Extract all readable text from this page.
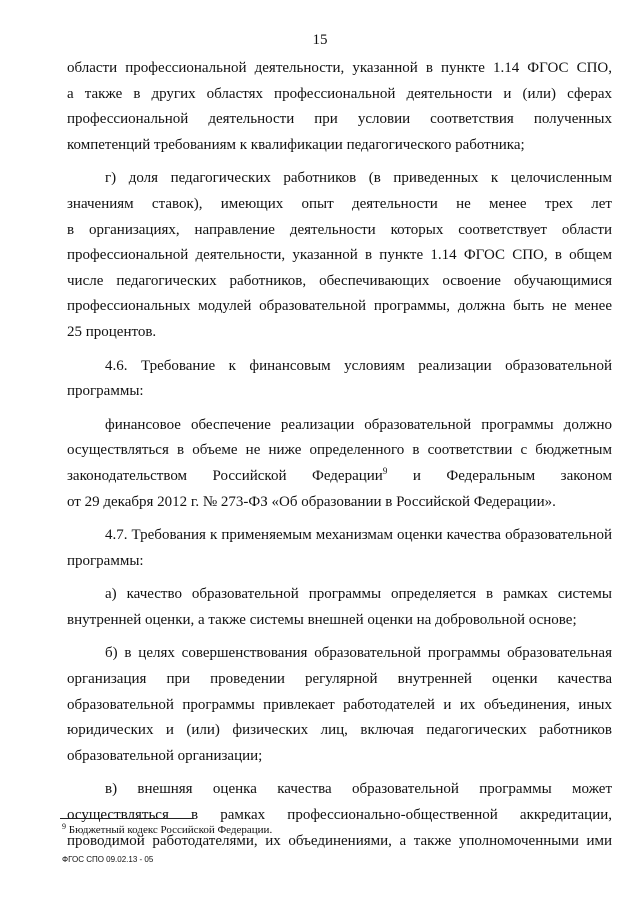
15
области профессиональной деятельности, указанной в пункте 1.14 ФГОС СПО,
а также в других областях профессиональной деятельности и (или) сферах
профессиональной деятельности при условии соответствия полученных
компетенций требованиям к квалификации педагогического работника;
г) доля педагогических работников (в приведенных к целочисленным
значениям ставок), имеющих опыт деятельности не менее трех лет
в организациях, направление деятельности которых соответствует области
профессиональной деятельности, указанной в пункте 1.14 ФГОС СПО, в общем
числе педагогических работников, обеспечивающих освоение обучающимися
профессиональных модулей образовательной программы, должна быть не менее
25 процентов.
4.6. Требование к финансовым условиям реализации образовательной
программы:
финансовое обеспечение реализации образовательной программы должно
осуществляться в объеме не ниже определенного в соответствии с бюджетным
законодательством Российской Федерации$^9$ и Федеральным законом
от 29 декабря 2012 г. № 273-ФЗ «Об образовании в Российской Федерации».
4.7. Требования к применяемым механизмам оценки качества образовательной
программы:
а) качество образовательной программы определяется в рамках системы
внутренней оценки, а также системы внешней оценки на добровольной основе;
б) в целях совершенствования образовательной программы образовательная
организация при проведении регулярной внутренней оценки качества
образовательной программы привлекает работодателей и их объединения, иных
юридических и (или) физических лиц, включая педагогических работников
образовательной организации;
в) внешняя оценка качества образовательной программы может
осуществляться в рамках профессионально-общественной аккредитации,
проводимой работодателями, их объединениями, а также уполномоченными ими
$^9$ Бюджетный кодекс Российской Федерации.
ФГОС СПО 09.02.13 - 05
